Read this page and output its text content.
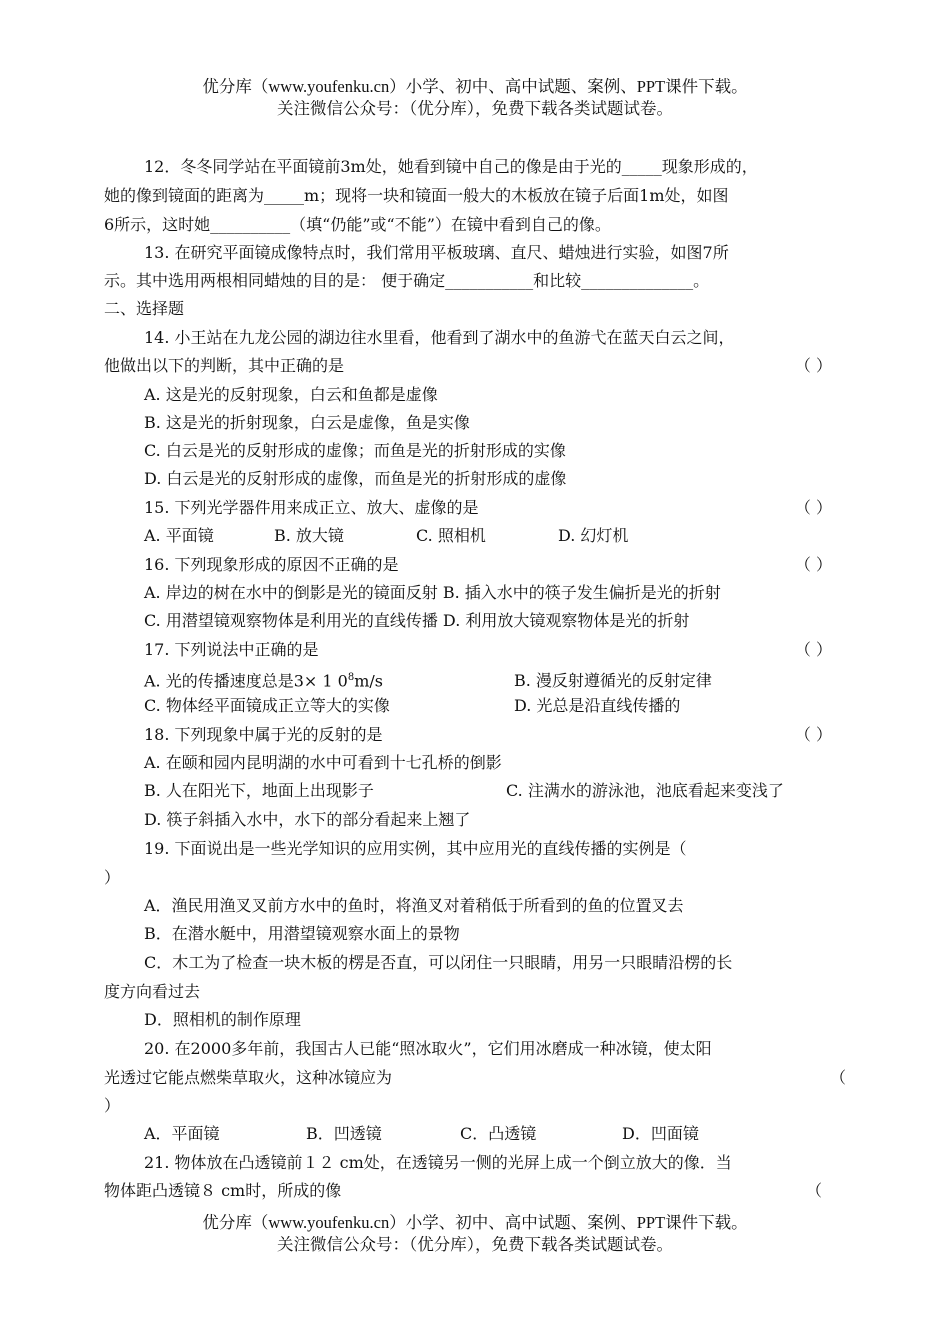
优分库（www.youfenku.cn）小学、初中、高中试题、案例、PPT课件下载。
关注微信公众号：（优分库），免费下载各类试题试卷。
12．冬冬同学站在平面镜前3m处，她看到镜中自己的像是由于光的_____现象形成的，
她的像到镜面的距离为_____m；现将一块和镜面一般大的木板放在镜子后面1m处，如图
6所示，这时她__________（填“仍能”或“不能”）在镜中看到自己的像。
13. 在研究平面镜成像特点时，我们常用平板玻璃、直尺、蜡烛进行实验，如图7所
示。其中选用两根相同蜡烛的目的是： 便于确定___________和比较______________。
二、选择题
14. 小王站在九龙公园的湖边往水里看，他看到了湖水中的鱼游弋在蓝天白云之间，
他做出以下的判断，其中正确的是	（ ）
A. 这是光的反射现象，白云和鱼都是虚像
B. 这是光的折射现象，白云是虚像，鱼是实像
C. 白云是光的反射形成的虚像；而鱼是光的折射形成的实像
D. 白云是光的反射形成的虚像，而鱼是光的折射形成的虚像
15. 下列光学器件用来成正立、放大、虚像的是	（ ）
A. 平面镜	B. 放大镜	C. 照相机	D. 幻灯机
16. 下列现象形成的原因不正确的是	（ ）
A. 岸边的树在水中的倒影是光的镜面反射 B. 插入水中的筷子发生偏折是光的折射
C. 用潜望镜观察物体是利用光的直线传播 D. 利用放大镜观察物体是光的折射
17. 下列说法中正确的是	（ ）
A. 光的传播速度总是3× 1 $0^8m/s$	B. 漫反射遵循光的反射定律
C. 物体经平面镜成正立等大的实像	D. 光总是沿直线传播的
18. 下列现象中属于光的反射的是	（ ）
A. 在颐和园内昆明湖的水中可看到十七孔桥的倒影
B. 人在阳光下，地面上出现影子	C. 注满水的游泳池，池底看起来变浅了
D. 筷子斜插入水中，水下的部分看起来上翘了
19. 下面说出是一些光学知识的应用实例，其中应用光的直线传播的实例是（
）
A．渔民用渔叉叉前方水中的鱼时，将渔叉对着稍低于所看到的鱼的位置叉去
B．在潜水艇中，用潜望镜观察水面上的景物
C．木工为了检查一块木板的楞是否直，可以闭住一只眼睛，用另一只眼睛沿楞的长
度方向看过去
D．照相机的制作原理
20. 在2000多年前，我国古人已能“照冰取火”，它们用冰磨成一种冰镜，使太阳
光透过它能点燃柴草取火，这种冰镜应为	（
）
A．平面镜	B．凹透镜	C．凸透镜	D．凹面镜
21. 物体放在凸透镜前１２ cm处，在透镜另一侧的光屏上成一个倒立放大的像．当
物体距凸透镜８ cm时，所成的像	（
优分库（www.youfenku.cn）小学、初中、高中试题、案例、PPT课件下载。
关注微信公众号：（优分库），免费下载各类试题试卷。
